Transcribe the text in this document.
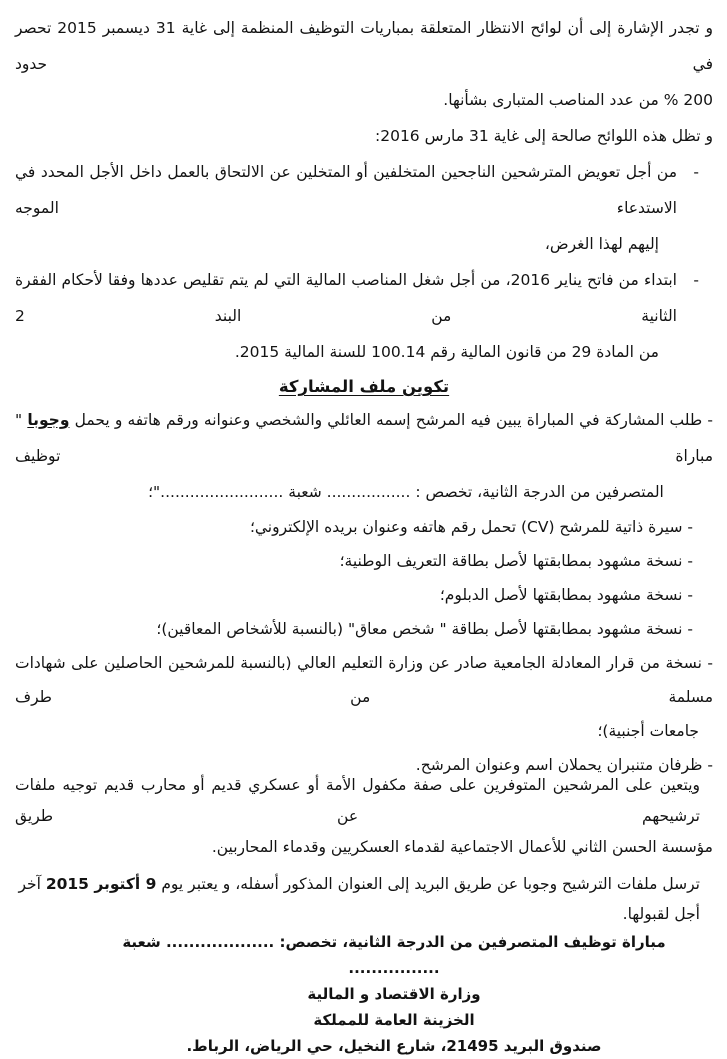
و تجدر الإشارة إلى أن لوائح الانتظار المتعلقة بمباريات التوظيف المنظمة إلى غاية 31 ديسمبر 2015 تحصر في حدود
200 % من عدد المناصب المتبارى بشأنها.
و تظل هذه اللوائح صالحة إلى غاية 31 مارس 2016:
-
من أجل تعويض المترشحين الناجحين المتخلفين أو المتخلين عن الالتحاق بالعمل داخل الأجل المحدد في الاستدعاء الموجه
إليهم لهذا الغرض،
-
ابتداء من فاتح يناير 2016، من أجل شغل المناصب المالية التي لم يتم تقليص عددها وفقا لأحكام الفقرة الثانية من البند 2
من المادة 29 من قانون المالية رقم 100.14 للسنة المالية 2015.
تكوين ملف المشاركة
- طلب المشاركة في المباراة يبين فيه المرشح إسمه العائلي والشخصي وعنوانه ورقم هاتفه و يحمل وجوبا " مباراة توظيف
المتصرفين من الدرجة الثانية، تخصص : ................. شعبة ........................."؛
- سيرة ذاتية للمرشح (CV) تحمل رقم هاتفه وعنوان بريده الإلكتروني؛
- نسخة مشهود بمطابقتها لأصل بطاقة التعريف الوطنية؛
- نسخة مشهود بمطابقتها لأصل الدبلوم؛
- نسخة مشهود بمطابقتها لأصل بطاقة " شخص معاق" (بالنسبة للأشخاص المعاقين)؛
- نسخة من قرار المعادلة الجامعية صادر عن وزارة التعليم العالي (بالنسبة للمرشحين الحاصلين على شهادات مسلمة من طرف
جامعات أجنبية)؛
- ظرفان متنبران يحملان اسم وعنوان المرشح.
ويتعين على المرشحين المتوفرين على صفة مكفول الأمة أو عسكري قديم أو محارب قديم توجيه ملفات ترشيحهم عن طريق
مؤسسة الحسن الثاني للأعمال الاجتماعية لقدماء العسكريين وقدماء المحاربين.
ترسل ملفات الترشيح وجوبا عن طريق البريد إلى العنوان المذكور أسفله، و يعتبر يوم 9 أكتوبر 2015 آخر أجل لقبولها.
مباراة توظيف المتصرفين من الدرجة الثانية، تخصص: ................... شعبة ................
وزارة الاقتصاد و المالية
الخزينة العامة للمملكة
صندوق البريد 21495، شارع النخيل، حي الرياض، الرباط.
